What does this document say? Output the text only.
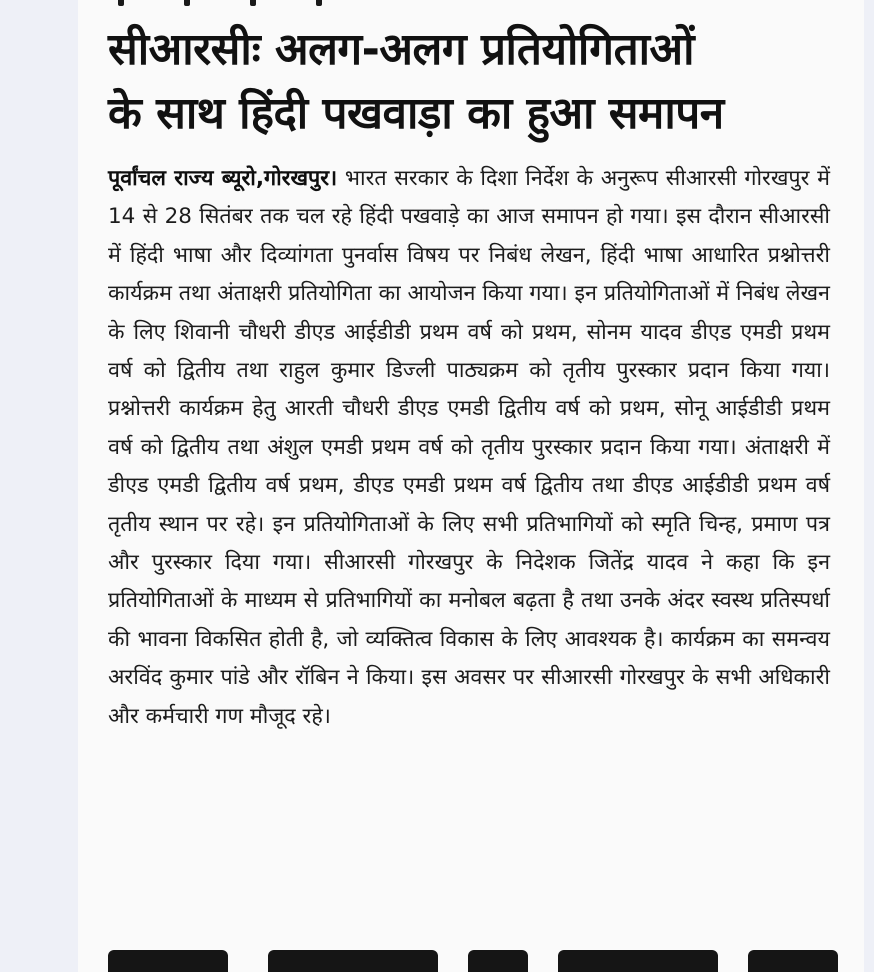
सीआरसीः अलग-अलग प्रतियोगिताओं
के साथ हिंदी पखवाड़ा का हुआ समापन

पूर्वांचल राज्य ब्यूरो,गोरखपुर। भारत सरकार के दिशा निर्देश के अनुरूप सीआरसी गोरखपुर में 14 से 28 सितंबर तक चल रहे हिंदी पखवाड़े का आज समापन हो गया। इस दौरान सीआरसी में हिंदी भाषा और दिव्यांगता पुनर्वास विषय पर निबंध लेखन, हिंदी भाषा आधारित प्रश्नोत्तरी कार्यक्रम तथा अंताक्षरी प्रतियोगिता का आयोजन किया गया। इन प्रतियोगिताओं में निबंध लेखन के लिए शिवानी चौधरी डीएड आईडीडी प्रथम वर्ष को प्रथम, सोनम यादव डीएड एमडी प्रथम वर्ष को द्वितीय तथा राहुल कुमार डिज्ली पाठ्यक्रम को तृतीय पुरस्कार प्रदान किया गया। प्रश्नोत्तरी कार्यक्रम हेतु आरती चौधरी डीएड एमडी द्वितीय वर्ष को प्रथम, सोनू आईडीडी प्रथम वर्ष को द्वितीय तथा अंशुल एमडी प्रथम वर्ष को तृतीय पुरस्कार प्रदान किया गया। अंताक्षरी में डीएड एमडी द्वितीय वर्ष प्रथम, डीएड एमडी प्रथम वर्ष द्वितीय तथा डीएड आईडीडी प्रथम वर्ष तृतीय स्थान पर रहे। इन प्रतियोगिताओं के लिए सभी प्रतिभागियों को स्मृति चिन्ह, प्रमाण पत्र और पुरस्कार दिया गया। सीआरसी गोरखपुर के निदेशक जितेंद्र यादव ने कहा कि इन प्रतियोगिताओं के माध्यम से प्रतिभागियों का मनोबल बढ़ता है तथा उनके अंदर स्वस्थ प्रतिस्पर्धा की भावना विकसित होती है, जो व्यक्तित्व विकास के लिए आवश्यक है। कार्यक्रम का समन्वय अरविंद कुमार पांडे और रॉबिन ने किया। इस अवसर पर सीआरसी गोरखपुर के सभी अधिकारी और कर्मचारी गण मौजूद रहे।
